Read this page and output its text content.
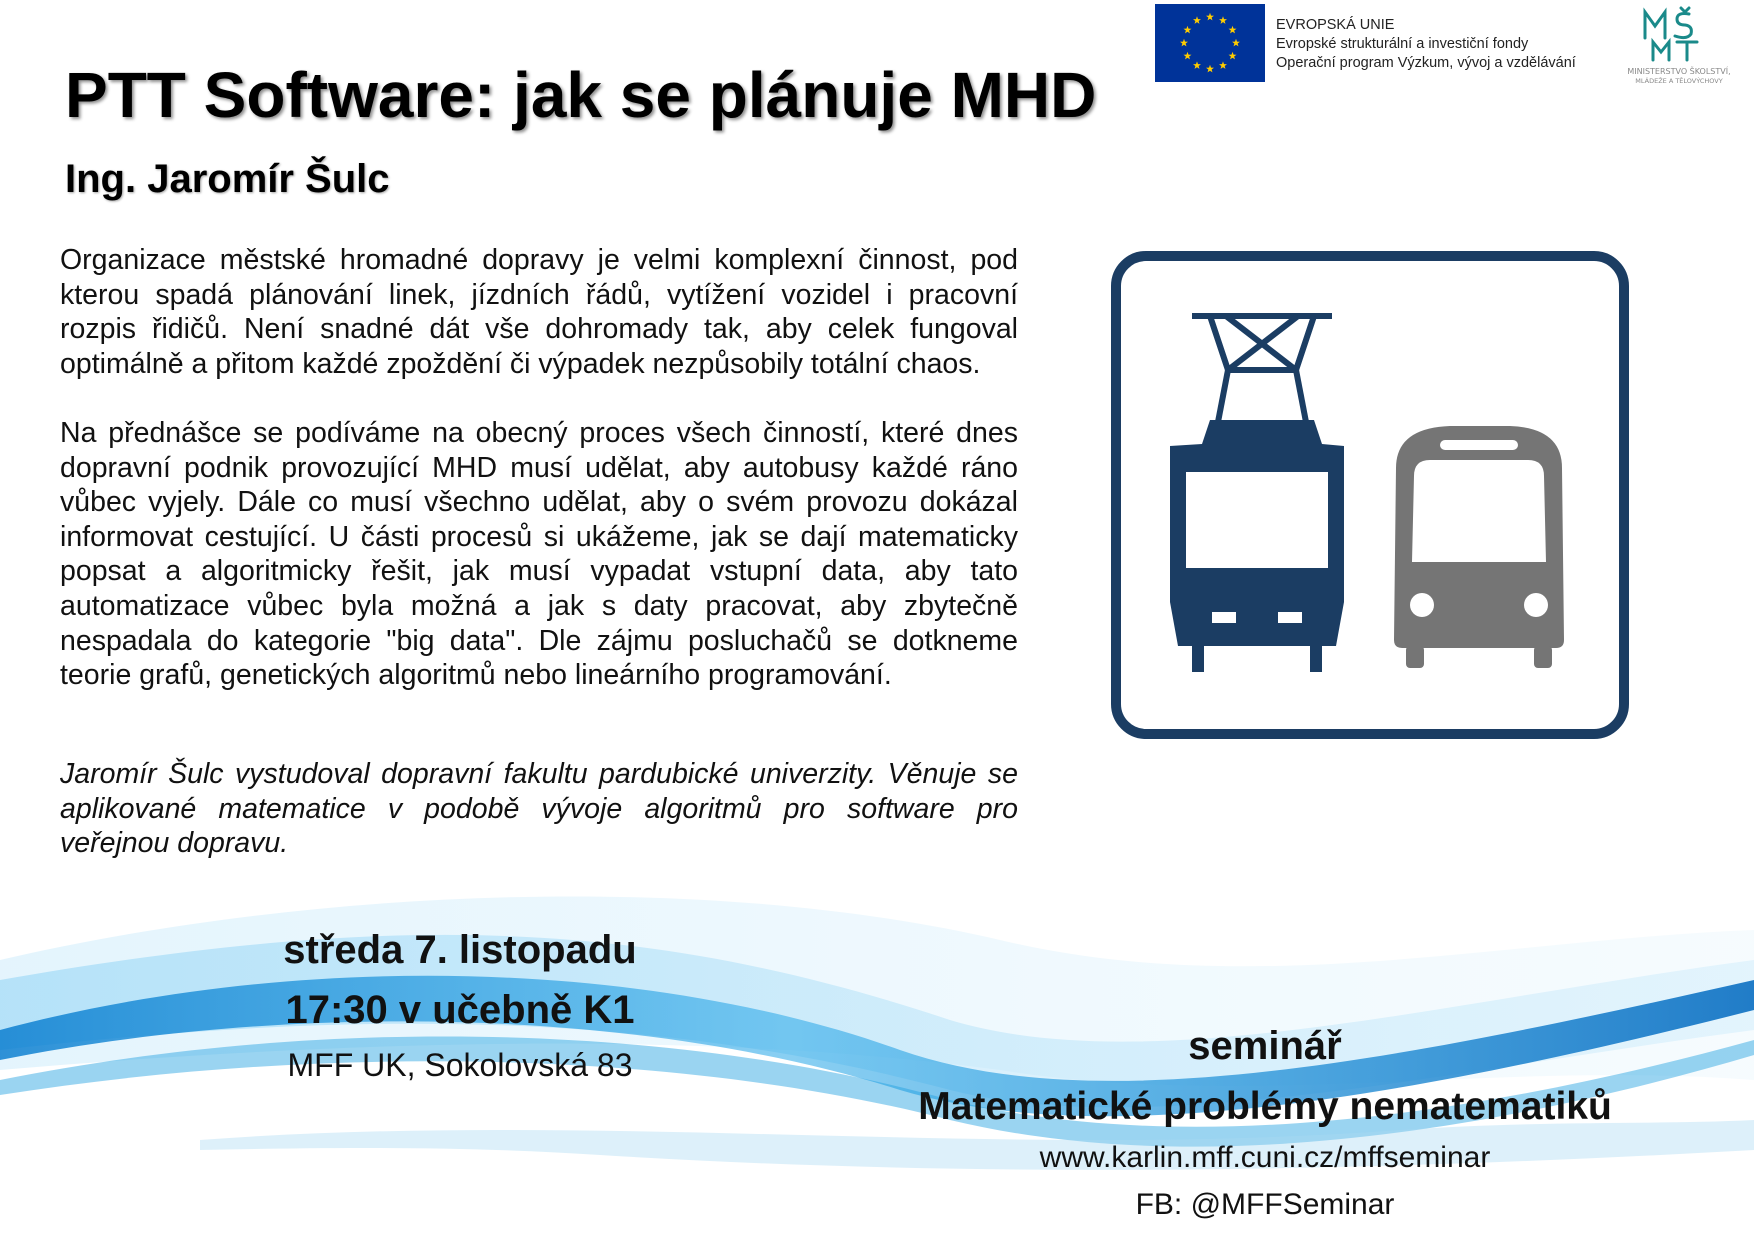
PTT Software: jak se plánuje MHD
Ing. Jaromír Šulc

Organizace městské hromadné dopravy je velmi komplexní činnost, pod kterou spadá plánování linek, jízdních řádů, vytížení vozidel i pracovní rozpis řidičů. Není snadné dát vše dohromady tak, aby celek fungoval optimálně a přitom každé zpoždění či výpadek nezpůsobily totální chaos.

Na přednášce se podíváme na obecný proces všech činností, které dnes dopravní podnik provozující MHD musí udělat, aby autobusy každé ráno vůbec vyjely. Dále co musí všechno udělat, aby o svém provozu dokázal informovat cestující. U části procesů si ukážeme, jak se dají matematicky popsat a algoritmicky řešit, jak musí vypadat vstupní data, aby tato automatizace vůbec byla možná a jak s daty pracovat, aby zbytečně nespadala do kategorie "big data". Dle zájmu posluchačů se dotkneme teorie grafů, genetických algoritmů nebo lineárního programování.

Jaromír Šulc vystudoval dopravní fakultu pardubické univerzity. Věnuje se aplikované matematice v podobě vývoje algoritmů pro software pro veřejnou dopravu.

EVROPSKÁ UNIE
Evropské strukturální a investiční fondy
Operační program Výzkum, vývoj a vzdělávání
MINISTERSTVO ŠKOLSTVÍ,
MLÁDEŽE A TĚLOVÝCHOVY
středa 7. listopadu
17:30 v učebně K1
MFF UK, Sokolovská 83	seminář
Matematické problémy nematematiků
www.karlin.mff.cuni.cz/mffseminar
FB: @MFFSeminar
